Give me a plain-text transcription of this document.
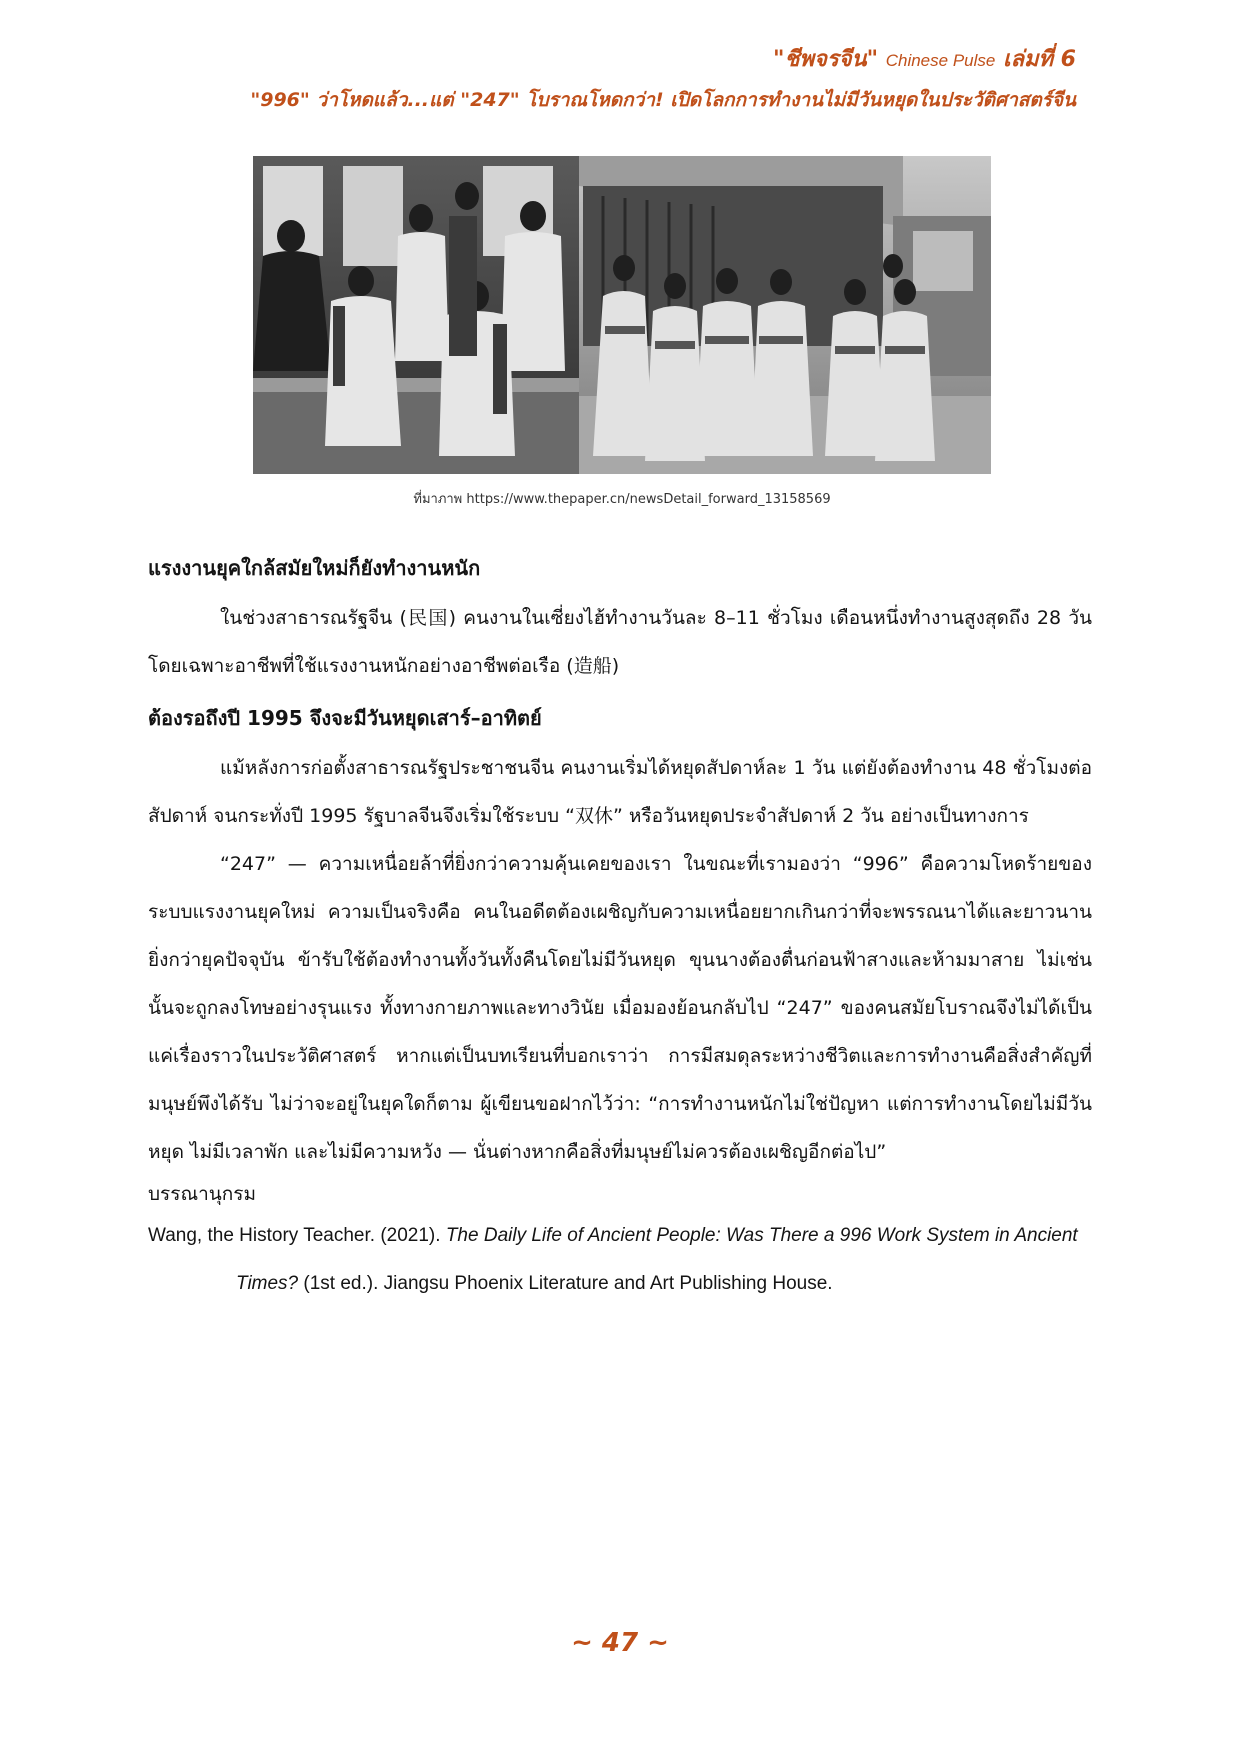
"ชีพจรจีน" Chinese Pulse เล่มที่ 6
"996" ว่าโหดแล้ว...แต่ "247" โบราณโหดกว่า! เปิดโลกการทำงานไม่มีวันหยุดในประวัติศาสตร์จีน
ที่มาภาพ https://www.thepaper.cn/newsDetail_forward_13158569
แรงงานยุคใกล้สมัยใหม่ก็ยังทำงานหนัก

ในช่วงสาธารณรัฐจีน (民国) คนงานในเซี่ยงไฮ้ทำงานวันละ 8–11 ชั่วโมง เดือนหนึ่งทำงานสูงสุดถึง 28 วัน โดยเฉพาะอาชีพที่ใช้แรงงานหนักอย่างอาชีพต่อเรือ (造船)

ต้องรอถึงปี 1995 จึงจะมีวันหยุดเสาร์–อาทิตย์

แม้หลังการก่อตั้งสาธารณรัฐประชาชนจีน คนงานเริ่มได้หยุดสัปดาห์ละ 1 วัน แต่ยังต้องทำงาน 48 ชั่วโมงต่อสัปดาห์ จนกระทั่งปี 1995 รัฐบาลจีนจึงเริ่มใช้ระบบ “双休” หรือวันหยุดประจำสัปดาห์ 2 วัน อย่างเป็นทางการ

“247” — ความเหนื่อยล้าที่ยิ่งกว่าความคุ้นเคยของเรา ในขณะที่เรามองว่า “996” คือความโหดร้ายของระบบแรงงานยุคใหม่ ความเป็นจริงคือ คนในอดีตต้องเผชิญกับความเหนื่อยยากเกินกว่าที่จะพรรณนาได้และยาวนานยิ่งกว่ายุคปัจจุบัน ข้ารับใช้ต้องทำงานทั้งวันทั้งคืนโดยไม่มีวันหยุด ขุนนางต้องตื่นก่อนฟ้าสางและห้ามมาสาย ไม่เช่นนั้นจะถูกลงโทษอย่างรุนแรง ทั้งทางกายภาพและทางวินัย เมื่อมองย้อนกลับไป “247” ของคนสมัยโบราณจึงไม่ได้เป็นแค่เรื่องราวในประวัติศาสตร์ หากแต่เป็นบทเรียนที่บอกเราว่า การมีสมดุลระหว่างชีวิตและการทำงานคือสิ่งสำคัญที่มนุษย์พึงได้รับ ไม่ว่าจะอยู่ในยุคใดก็ตาม ผู้เขียนขอฝากไว้ว่า: “การทำงานหนักไม่ใช่ปัญหา แต่การทำงานโดยไม่มีวันหยุด ไม่มีเวลาพัก และไม่มีความหวัง — นั่นต่างหากคือสิ่งที่มนุษย์ไม่ควรต้องเผชิญอีกต่อไป”

บรรณานุกรม

Wang, the History Teacher. (2021). The Daily Life of Ancient People: Was There a 996 Work System in Ancient Times? (1st ed.). Jiangsu Phoenix Literature and Art Publishing House.

~ 47 ~
